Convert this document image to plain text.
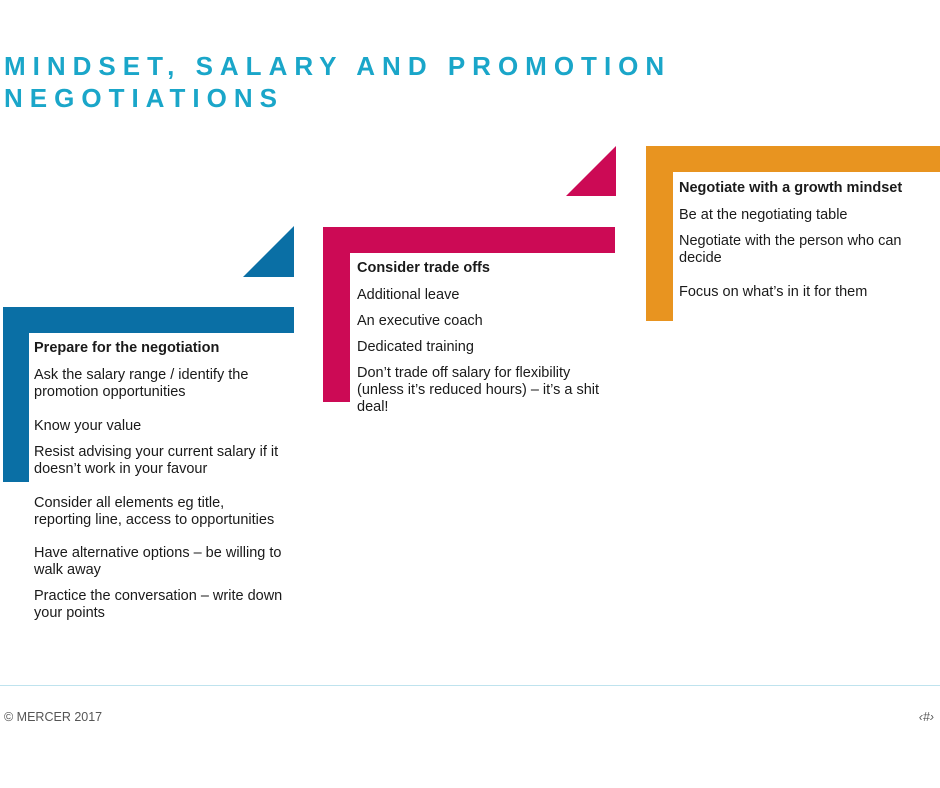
MINDSET, SALARY AND PROMOTION
NEGOTIATIONS
Prepare for the negotiation

Ask the salary range / identify the promotion opportunities

Know your value

Resist advising your current salary if it doesn’t work in your favour

Consider all elements eg title, reporting line, access to opportunities

Have alternative options – be willing to walk away

Practice the conversation – write down your points

Consider trade offs

Additional leave

An executive coach

Dedicated training

Don’t trade off salary for flexibility (unless it’s reduced hours) – it’s a shit deal!

Negotiate with a growth mindset

Be at the negotiating table

Negotiate with the person who can decide

Focus on what’s in it for them

© MERCER 2017	‹#›
